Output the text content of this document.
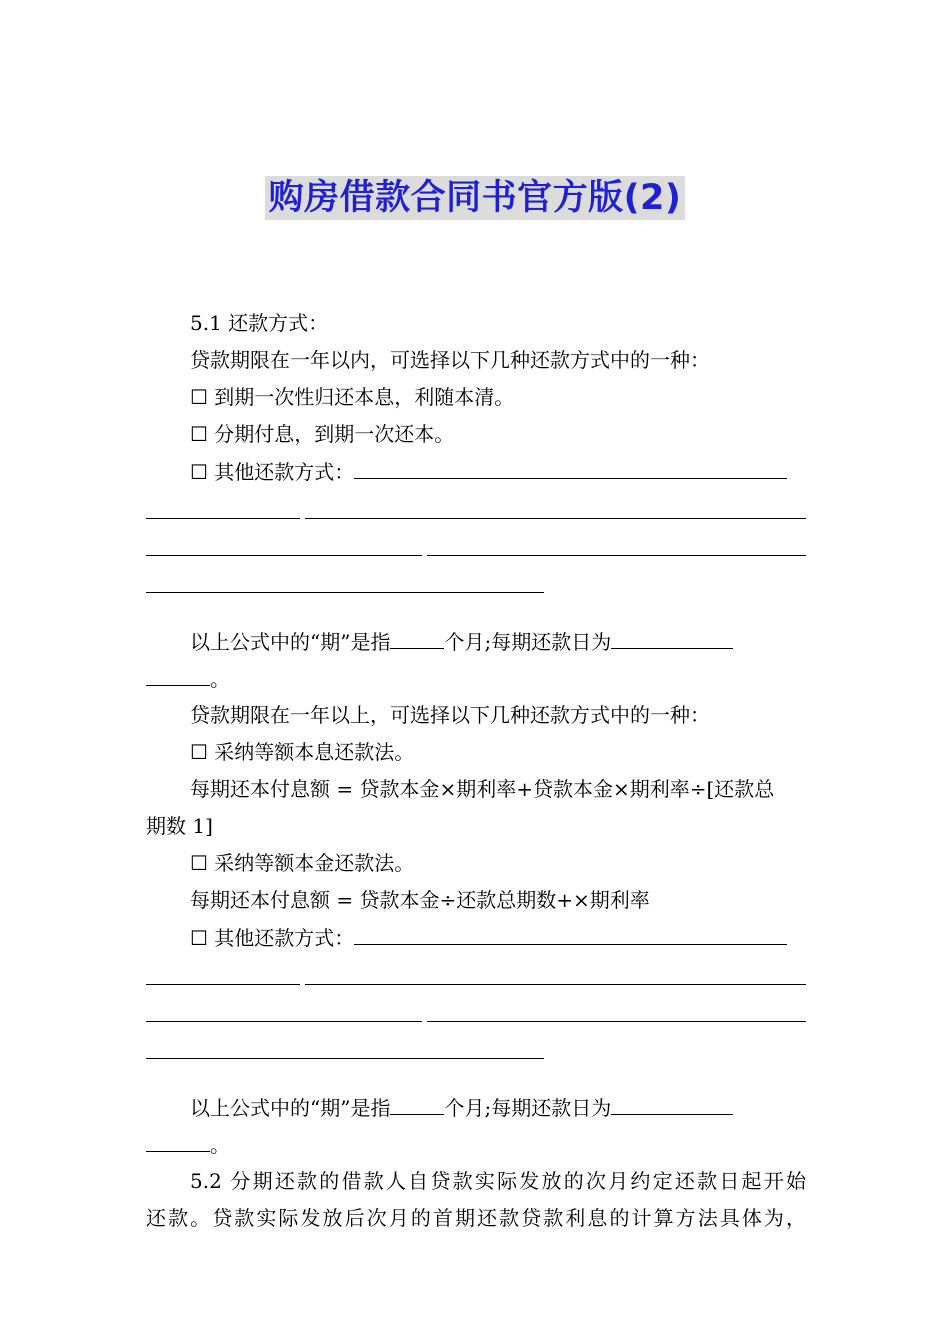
购房借款合同书官方版(2)
5.1 还款方式：
贷款期限在一年以内，可选择以下几种还款方式中的一种：
☐ 到期一次性归还本息，利随本清。
☐ 分期付息，到期一次还本。
☐ 其他还款方式：
以上公式中的“期”是指	个月;每期还款日为
。
贷款期限在一年以上，可选择以下几种还款方式中的一种：
☐ 采纳等额本息还款法。
每期还本付息额 = 贷款本金×期利率+贷款本金×期利率÷[还款总
期数 1]
☐ 采纳等额本金还款法。
每期还本付息额 = 贷款本金÷还款总期数+×期利率
☐ 其他还款方式：
以上公式中的“期”是指	个月;每期还款日为
。
5.2 分期还款的借款人自贷款实际发放的次月约定还款日起开始
还款。贷款实际发放后次月的首期还款贷款利息的计算方法具体为，
